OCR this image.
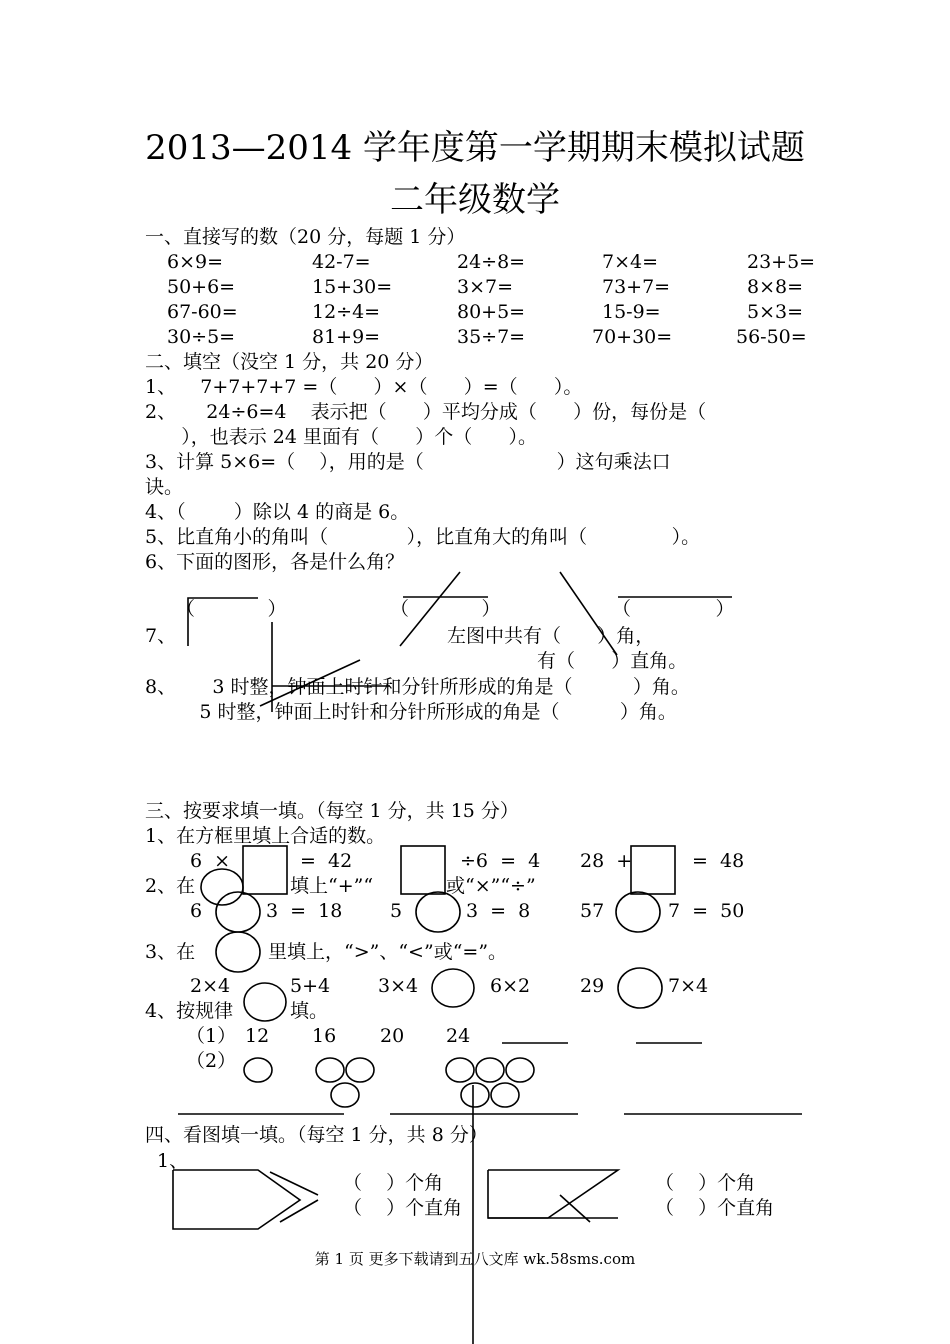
2013—2014 学年度第一学期期末模拟试题
二年级数学
一、直接写的数（20 分，每题 1 分）
6×9=	42-7=	24÷8=	7×4=	23+5=
50+6=	15+30=	3×7=	73+7=	8×8=
67-60=	12÷4=	80+5=	15-9=	5×3=
30÷5=	81+9=	35÷7=	70+30=	56-50=
二、填空（没空 1 分，共 20 分）
1、    7+7+7+7 =（      ）×（      ）=（      ）。
2、     24÷6=4    表示把（      ）平均分成（      ）份，每份是（
），也表示 24 里面有（      ）个（      ）。
3、计算 5×6=（    ），用的是（                      ）这句乘法口
诀。
4、（        ）除以 4 的商是 6。
5、比直角小的角叫（             ），比直角大的角叫（              ）。
6、下面的图形，各是什么角？
（            ）	（            ）	（              ）
7、	左图中共有（      ）角，
有（      ）直角。
8、      3 时整，钟面上时针和分针所形成的角是（          ）角。
5 时整，钟面上时针和分针所形成的角是（          ）角。
三、按要求填一填。（每空 1 分，共 15 分）
1、在方框里填上合适的数。
6  ×	=  42	÷6  =  4 28  +	=  48
2、在	填上“+”“	或“×”“÷”
6	3  =  18	5	3  =  8	57	7  =  50
3、在	里填上，“>”、“<”或“=”。
2×4	5+4	3×4	6×2	29	7×4
4、按规律	填。
（1） 12 16 20 24
（2）
四、看图填一填。（每空 1 分，共 8 分）
1、
（    ）个角
（    ）个直角
（    ）个角
（    ）个直角
第 1 页 更多下载请到五八文库 wk.58sms.com
